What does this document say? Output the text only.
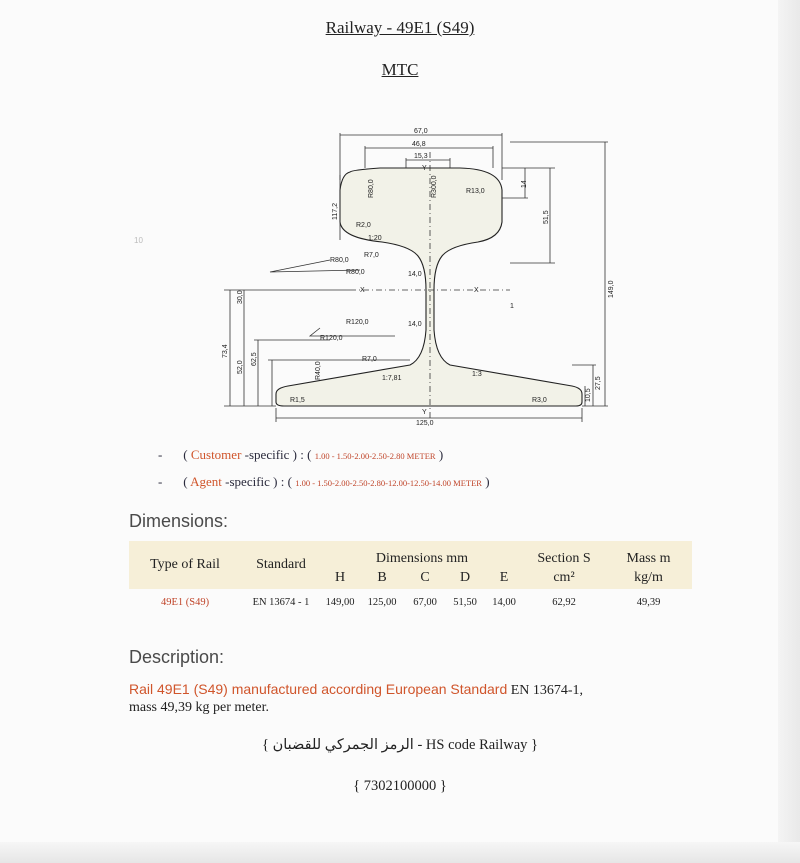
Railway - 49E1 (S49)
MTC
10
67,0
46,8
15,3
Y
R13,0
R2,0
1:20
R7,0
R80,0
R80,0	14,0
X	X
1
R120,0	14,0
R120,0
R7,0
1:7,81
1:3
R1,5	R3,0
Y
125,0
117,2
R80,0	R300,0	14
51,5
149,0
30,0
73,4
52,0
62,5
R40,0
10,5
27,5
- ( Customer -specific ) : ( 1.00 - 1.50-2.00-2.50-2.80 METER )
- ( Agent -specific ) : ( 1.00 - 1.50-2.00-2.50-2.80-12.00-12.50-14.00 METER )
Dimensions:
Type of Rail	Standard	Dimensions mm					Section S	Mass m
		H	B	C	D	E	cm²	kg/m
49E1 (S49)	EN 13674 - 1	149,00	125,00	67,00	51,50	14,00	62,92	49,39
Description:
Rail 49E1 (S49) manufactured according European Standard EN 13674-1,
mass 49,39 kg per meter.
{ الرمز الجمركي للقضبان - HS code Railway }
{ 7302100000 }
